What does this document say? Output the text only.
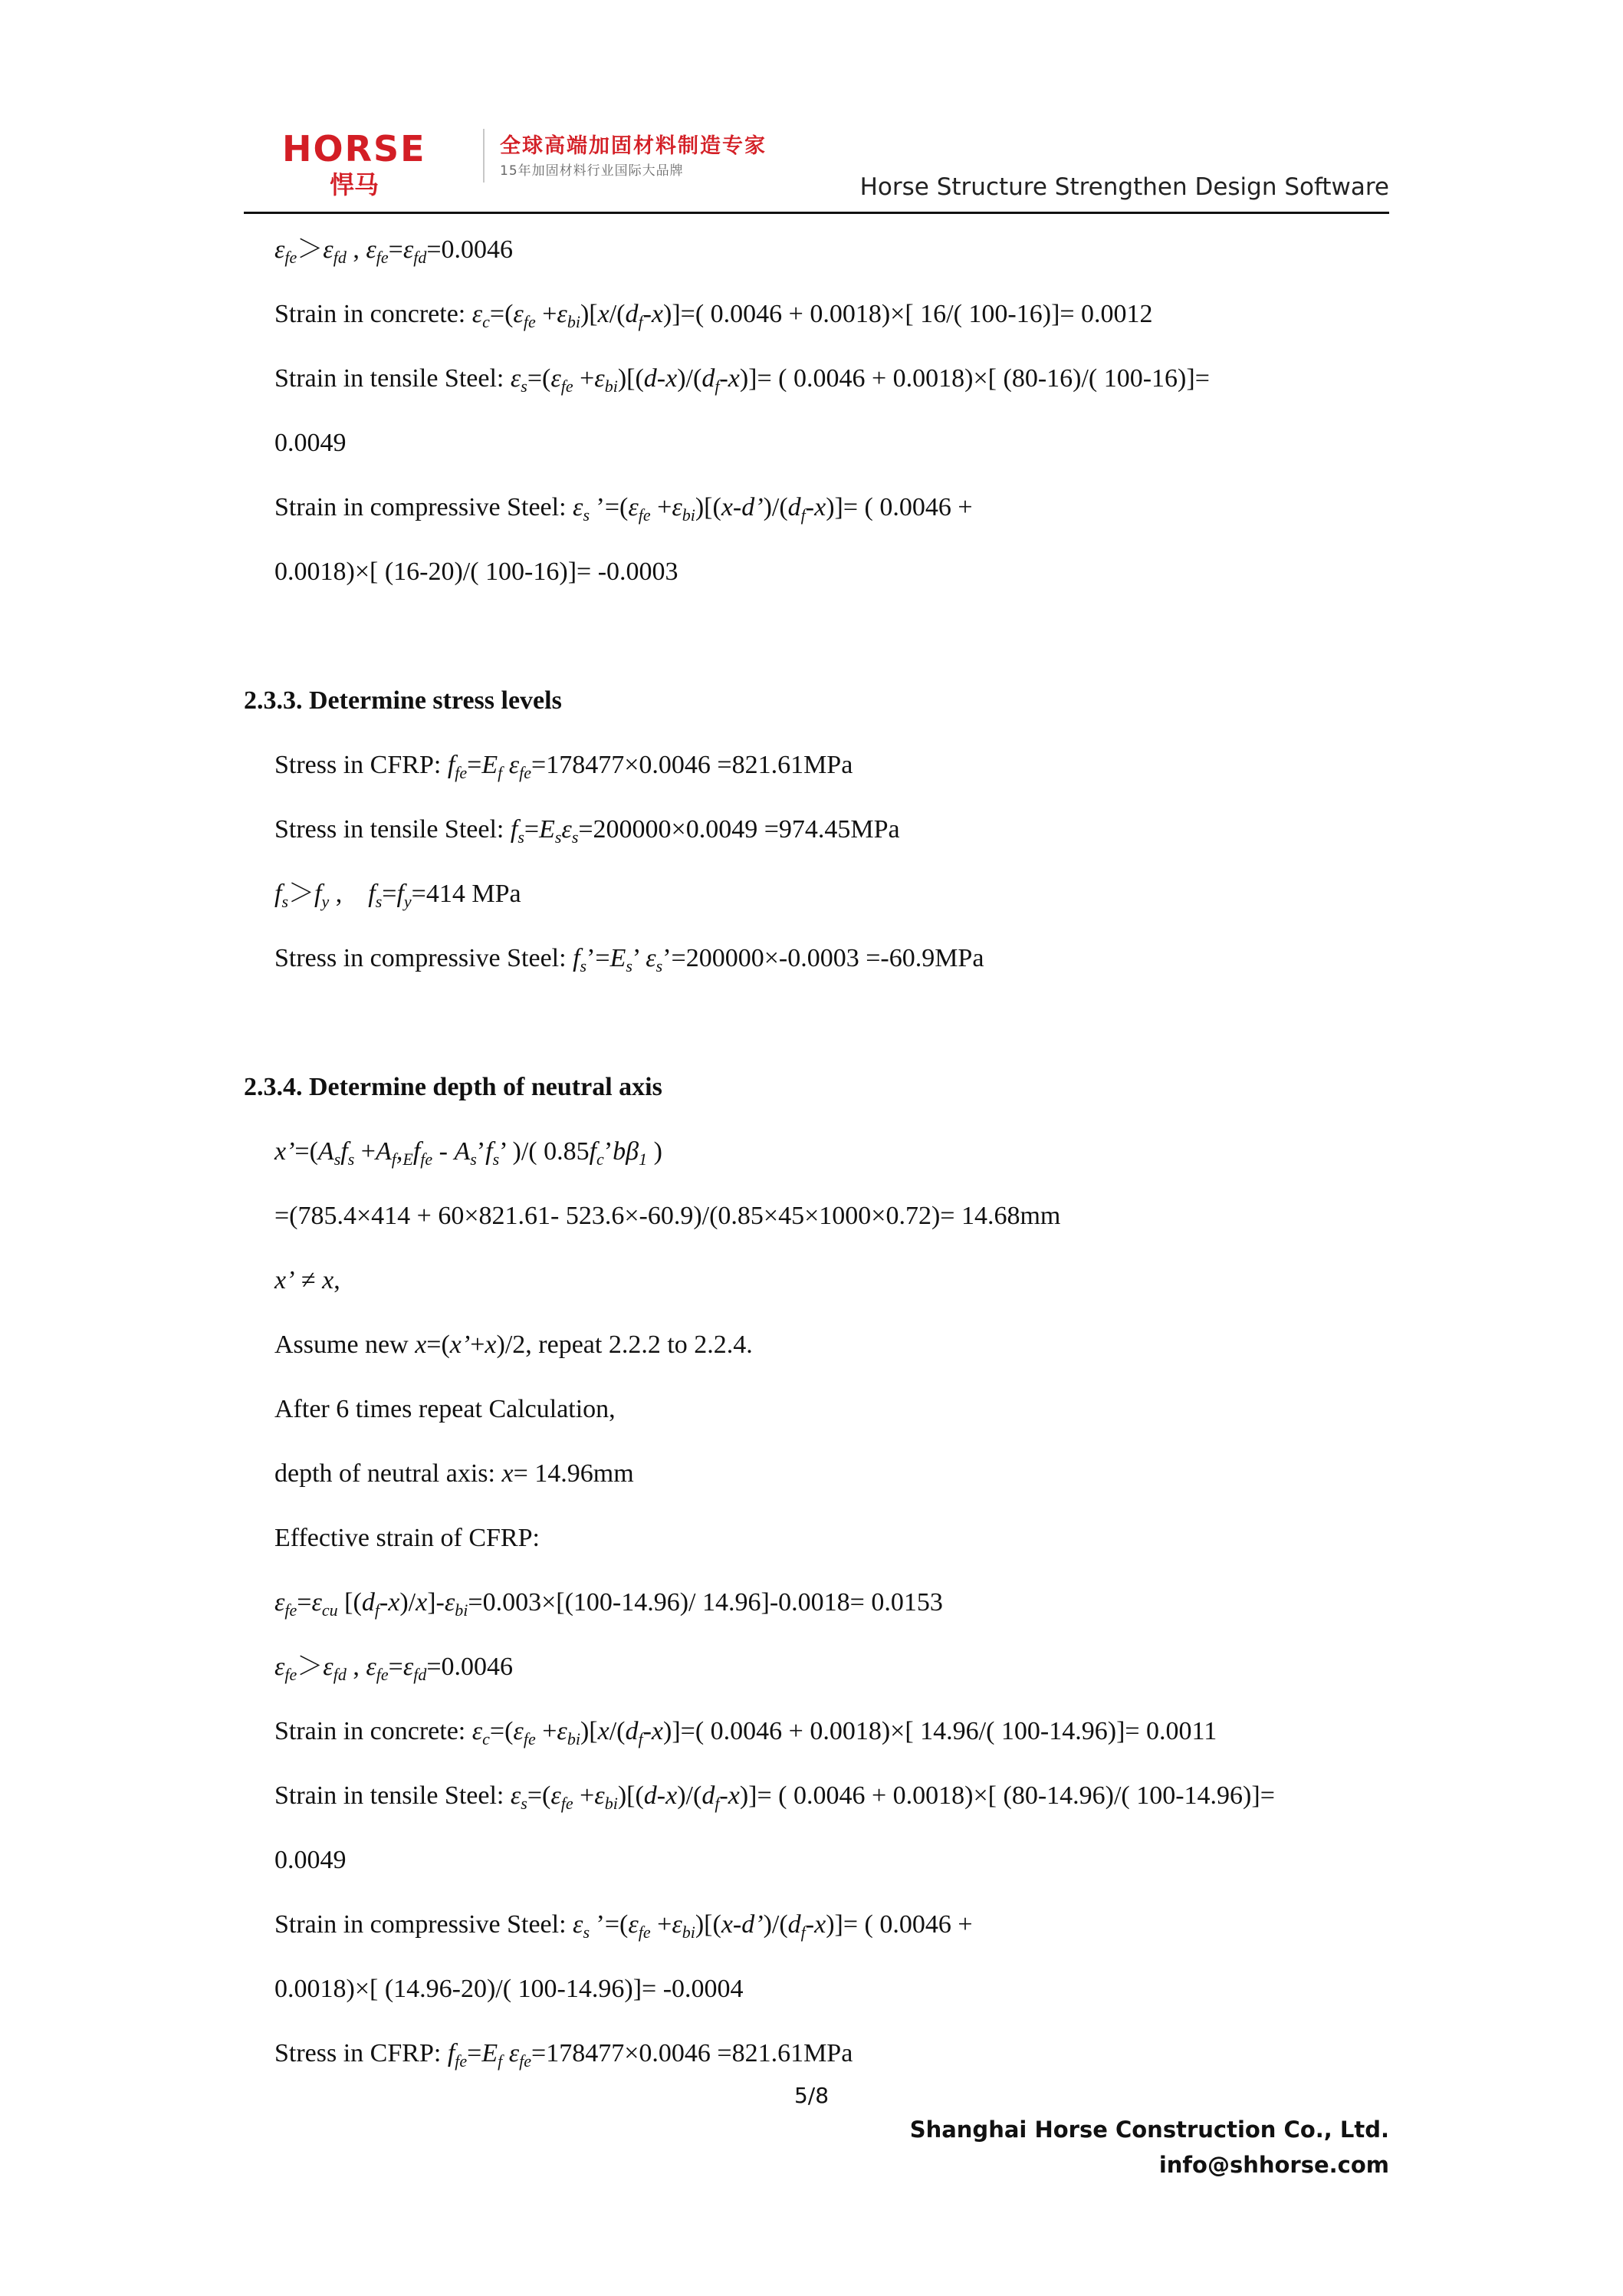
HORSE
悍马
全球高端加固材料制造专家
15年加固材料行业国际大品牌
Horse Structure Strengthen Design Software
$\varepsilon_{fe}>\varepsilon_{fd}$ , $\varepsilon_{fe}=\varepsilon_{fd}=0.0046$
Strain in concrete: $\varepsilon_c=(\varepsilon_{fe} +\varepsilon_{bi})[x/(d_f-x)]=$( 0.0046 + 0.0018)×[ 16/( 100-16)]= 0.0012
Strain in tensile Steel: $\varepsilon_s=(\varepsilon_{fe} +\varepsilon_{bi})[(d-x)/(d_f-x)]=$ ( 0.0046 + 0.0018)×[ (80-16)/( 100-16)]=
0.0049
Strain in compressive Steel: $\varepsilon_s$ $’=(\varepsilon_{fe}$ $+\varepsilon_{bi})[(x-d’)/(d_f-x)]=$ ( 0.0046 +
0.0018)×[ (16-20)/( 100-16)]= -0.0003
2.3.3. Determine stress levels
Stress in CFRP: $f_{fe}=E_f$ $\varepsilon_{fe}=178477\times 0.0046 =821.61MPa$
Stress in tensile Steel: $f_s=E_s\varepsilon_s=200000\times 0.0049 =974.45MPa$
$f_s>f_y$ ,    $f_s=f_y=414$ MPa
Stress in compressive Steel: $f_s’=E_s$’ $\varepsilon_s’=200000\times-0.0003 =-60.9MPa$
2.3.4. Determine depth of neutral axis
$x’=(A_sf_s +A_f,_Ef_{fe}$ - $A_s’f_s$’ )/( $0.85f_c’b\beta_1$ )
=(785.4×414 + 60×821.61- 523.6×-60.9)/(0.85×45×1000×0.72)= 14.68mm
x’ ≠ x,
Assume new x=(x’+x)/2, repeat 2.2.2 to 2.2.4.
After 6 times repeat Calculation,
depth of neutral axis: x= 14.96mm
Effective strain of CFRP:
$\varepsilon_{fe}=\varepsilon_{cu}$ $[(d_f-x)/x]-\varepsilon_{bi}=0.003\times[(100-14.96)/$ 14.96]-0.0018= 0.0153
$\varepsilon_{fe}>\varepsilon_{fd}$ , $\varepsilon_{fe}=\varepsilon_{fd}=0.0046$
Strain in concrete: $\varepsilon_c=(\varepsilon_{fe} +\varepsilon_{bi})[x/(d_f-x)]=$( 0.0046 + 0.0018)×[ 14.96/( 100-14.96)]= 0.0011
Strain in tensile Steel: $\varepsilon_s=(\varepsilon_{fe} +\varepsilon_{bi})[(d-x)/(d_f-x)]=$ ( 0.0046 + 0.0018)×[ (80-14.96)/( 100-14.96)]=
0.0049
Strain in compressive Steel: $\varepsilon_s$ $’=(\varepsilon_{fe}$ $+\varepsilon_{bi})[(x-d’)/(d_f-x)]=$ ( 0.0046 +
0.0018)×[ (14.96-20)/( 100-14.96)]= -0.0004
Stress in CFRP: $f_{fe}=E_f$ $\varepsilon_{fe}=178477\times 0.0046 =821.61MPa$
5/8
Shanghai Horse Construction Co., Ltd.
info@shhorse.com
